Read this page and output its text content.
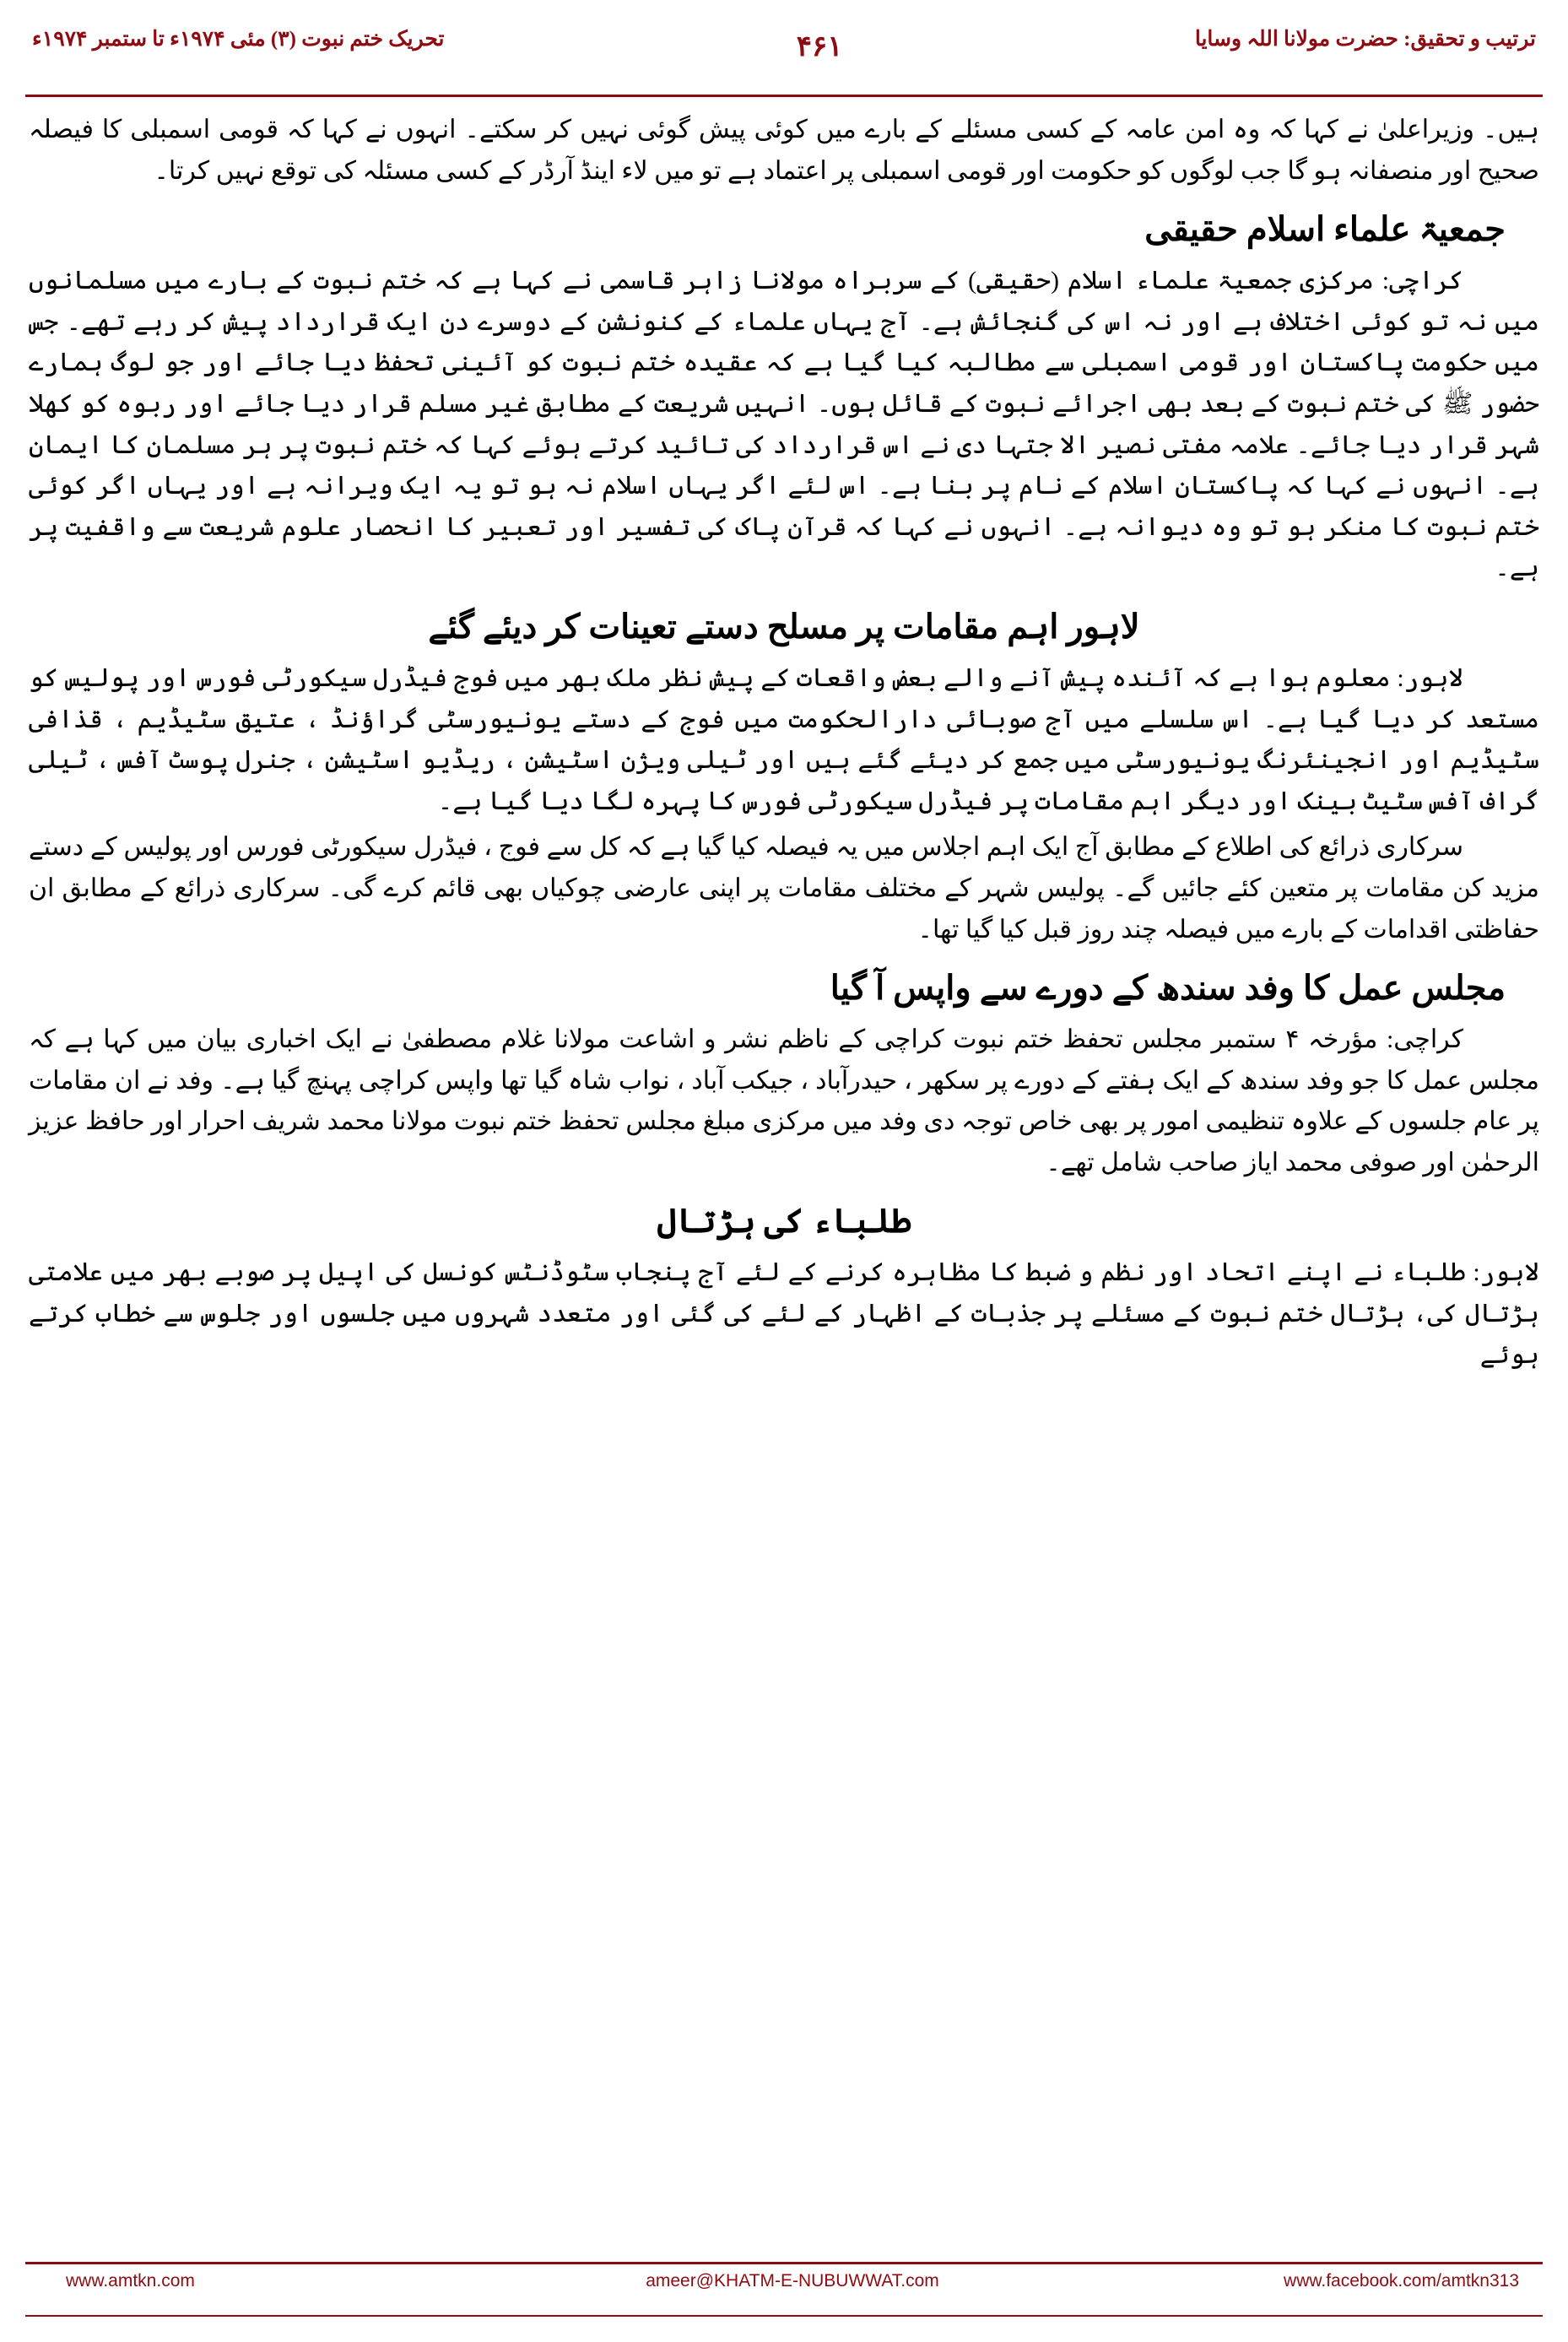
ترتیب و تحقیق: حضرت مولانا اللہ وسایا
۴۶۱
تحریک ختم نبوت (۳) مئی ۱۹۷۴ء تا ستمبر ۱۹۷۴ء

ہیں۔ وزیراعلیٰ نے کہا کہ وہ امن عامہ کے کسی مسئلے کے بارے میں کوئی پیش گوئی نہیں کر سکتے۔ انہوں نے کہا کہ قومی اسمبلی کا فیصلہ صحیح اور منصفانہ ہو گا جب لوگوں کو حکومت اور قومی اسمبلی پر اعتماد ہے تو میں لاء اینڈ آرڈر کے کسی مسئلہ کی توقع نہیں کرتا۔

جمعیۃ علماء اسلام حقیقی

کراچی: مرکزی جمعیۃ علماء اسلام (حقیقی) کے سربراہ مولانا زاہر قاسمی نے کہا ہے کہ ختم نبوت کے بارے میں مسلمانوں میں نہ تو کوئی اختلاف ہے اور نہ اس کی گنجائش ہے۔ آج یہاں علماء کے کنونشن کے دوسرے دن ایک قرارداد پیش کر رہے تھے۔ جس میں حکومت پاکستان اور قومی اسمبلی سے مطالبہ کیا گیا ہے کہ عقیدہ ختم نبوت کو آئینی تحفظ دیا جائے اور جو لوگ ہمارے حضور ﷺ کی ختم نبوت کے بعد بھی اجرائے نبوت کے قائل ہوں۔ انہیں شریعت کے مطابق غیر مسلم قرار دیا جائے اور ربوہ کو کھلا شہر قرار دیا جائے۔ علامہ مفتی نصیر الا جتہا دی نے اس قرارداد کی تائید کرتے ہوئے کہا کہ ختم نبوت پر ہر مسلمان کا ایمان ہے۔ انہوں نے کہا کہ پاکستان اسلام کے نام پر بنا ہے۔ اس لئے اگر یہاں اسلام نہ ہو تو یہ ایک ویرانہ ہے اور یہاں اگر کوئی ختم نبوت کا منکر ہو تو وہ دیوانہ ہے۔ انہوں نے کہا کہ قرآن پاک کی تفسیر اور تعبیر کا انحصار علوم شریعت سے واقفیت پر ہے۔

لاہور اہم مقامات پر مسلح دستے تعینات کر دیئے گئے

لاہور: معلوم ہوا ہے کہ آئندہ پیش آنے والے بعض واقعات کے پیش نظر ملک بھر میں فوج فیڈرل سیکورٹی فورس اور پولیس کو مستعد کر دیا گیا ہے۔ اس سلسلے میں آج صوبائی دارالحکومت میں فوج کے دستے یونیورسٹی گراؤنڈ ، عتیق سٹیڈیم ، قذافی سٹیڈیم اور انجینئرنگ یونیورسٹی میں جمع کر دیئے گئے ہیں اور ٹیلی ویژن اسٹیشن ، ریڈیو اسٹیشن ، جنرل پوسٹ آفس ، ٹیلی گراف آفس سٹیٹ بینک اور دیگر اہم مقامات پر فیڈرل سیکورٹی فورس کا پہرہ لگا دیا گیا ہے۔

سرکاری ذرائع کی اطلاع کے مطابق آج ایک اہم اجلاس میں یہ فیصلہ کیا گیا ہے کہ کل سے فوج ، فیڈرل سیکورٹی فورس اور پولیس کے دستے مزید کن مقامات پر متعین کئے جائیں گے۔ پولیس شہر کے مختلف مقامات پر اپنی عارضی چوکیاں بھی قائم کرے گی۔ سرکاری ذرائع کے مطابق ان حفاظتی اقدامات کے بارے میں فیصلہ چند روز قبل کیا گیا تھا۔

مجلس عمل کا وفد سندھ کے دورے سے واپس آ گیا

کراچی: مؤرخہ ۴ ستمبر مجلس تحفظ ختم نبوت کراچی کے ناظم نشر و اشاعت مولانا غلام مصطفیٰ نے ایک اخباری بیان میں کہا ہے کہ مجلس عمل کا جو وفد سندھ کے ایک ہفتے کے دورے پر سکھر ، حیدرآباد ، جیکب آباد ، نواب شاہ گیا تھا واپس کراچی پہنچ گیا ہے۔ وفد نے ان مقامات پر عام جلسوں کے علاوہ تنظیمی امور پر بھی خاص توجہ دی وفد میں مرکزی مبلغ مجلس تحفظ ختم نبوت مولانا محمد شریف احرار اور حافظ عزیز الرحمٰن اور صوفی محمد ایاز صاحب شامل تھے۔

طلباء کی ہڑتال

لاہور: طلباء نے اپنے اتحاد اور نظم و ضبط کا مظاہرہ کرنے کے لئے آج پنجاب سٹوڈنٹس کونسل کی اپیل پر صوبے بھر میں علامتی ہڑتال کی، ہڑتال ختم نبوت کے مسئلے پر جذبات کے اظہار کے لئے کی گئی اور متعدد شہروں میں جلسوں اور جلوس سے خطاب کرتے ہوئے

www.amtkn.com	ameer@KHATM-E-NUBUWWAT.com	www.facebook.com/amtkn313
